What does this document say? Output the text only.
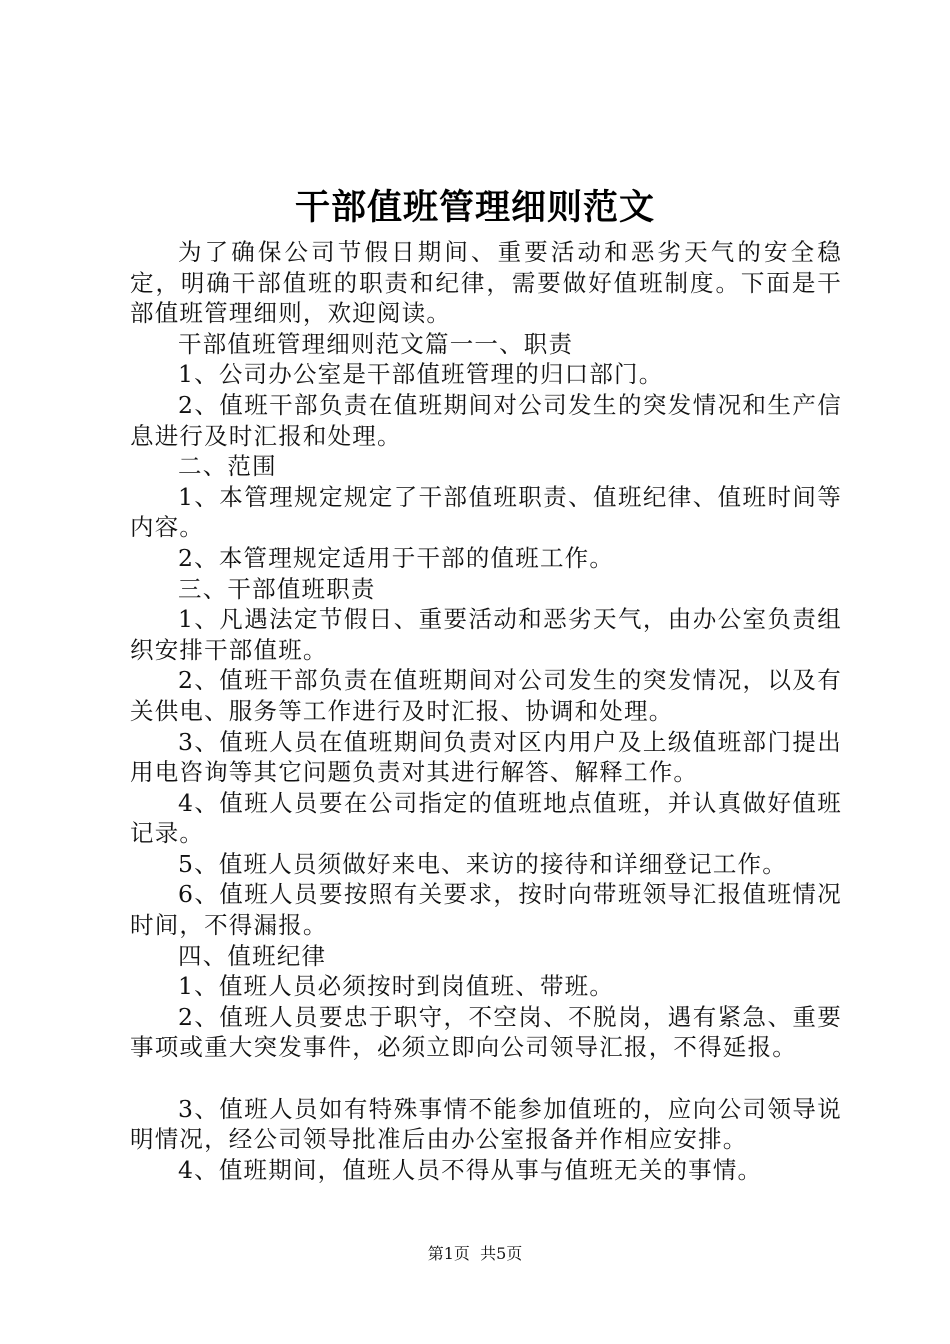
干部值班管理细则范文

为了确保公司节假日期间、重要活动和恶劣天气的安全稳定，明确干部值班的职责和纪律，需要做好值班制度。下面是干部值班管理细则，欢迎阅读。

干部值班管理细则范文篇一一、职责

1、公司办公室是干部值班管理的归口部门。

2、值班干部负责在值班期间对公司发生的突发情况和生产信息进行及时汇报和处理。

二、范围

1、本管理规定规定了干部值班职责、值班纪律、值班时间等内容。

2、本管理规定适用于干部的值班工作。

三、干部值班职责

1、凡遇法定节假日、重要活动和恶劣天气，由办公室负责组织安排干部值班。

2、值班干部负责在值班期间对公司发生的突发情况，以及有关供电、服务等工作进行及时汇报、协调和处理。

3、值班人员在值班期间负责对区内用户及上级值班部门提出用电咨询等其它问题负责对其进行解答、解释工作。

4、值班人员要在公司指定的值班地点值班，并认真做好值班记录。

5、值班人员须做好来电、来访的接待和详细登记工作。

6、值班人员要按照有关要求，按时向带班领导汇报值班情况时间，不得漏报。

四、值班纪律

1、值班人员必须按时到岗值班、带班。

2、值班人员要忠于职守，不空岗、不脱岗，遇有紧急、重要事项或重大突发事件，必须立即向公司领导汇报，不得延报。

3、值班人员如有特殊事情不能参加值班的，应向公司领导说明情况，经公司领导批准后由办公室报备并作相应安排。

4、值班期间，值班人员不得从事与值班无关的事情。

第1页 共5页
